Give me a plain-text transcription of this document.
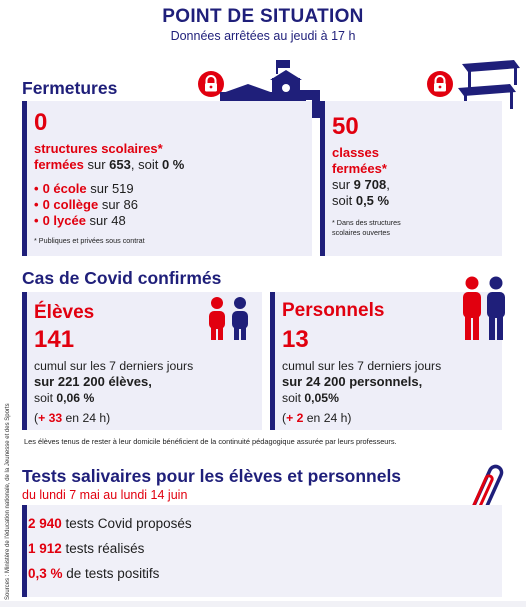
POINT DE SITUATION
Données arrêtées au jeudi à 17 h
Fermetures
0
structures scolaires*
fermées sur 653, soit 0 %
• 0 école sur 519
• 0 collège sur 86
• 0 lycée sur 48
* Publiques et privées sous contrat
50
classes
fermées*
sur 9 708,
soit 0,5 %
* Dans des structures
scolaires ouvertes
Cas de Covid confirmés
Élèves
141
cumul sur les 7 derniers jours
sur 221 200 élèves,
soit 0,06 %
(+ 33 en 24 h)
Personnels
13
cumul sur les 7 derniers jours
sur 24 200 personnels,
soit 0,05%
(+ 2 en 24 h)
Les élèves tenus de rester à leur domicile bénéficient de la continuité pédagogique assurée par leurs professeurs.
Tests salivaires pour les élèves et personnels
du lundi 7 mai au lundi 14 juin
2 940 tests Covid proposés
1 912 tests réalisés
0,3 % de tests positifs
Sources : Ministère de l'éducation nationale, de la Jeunesse et des Sports
